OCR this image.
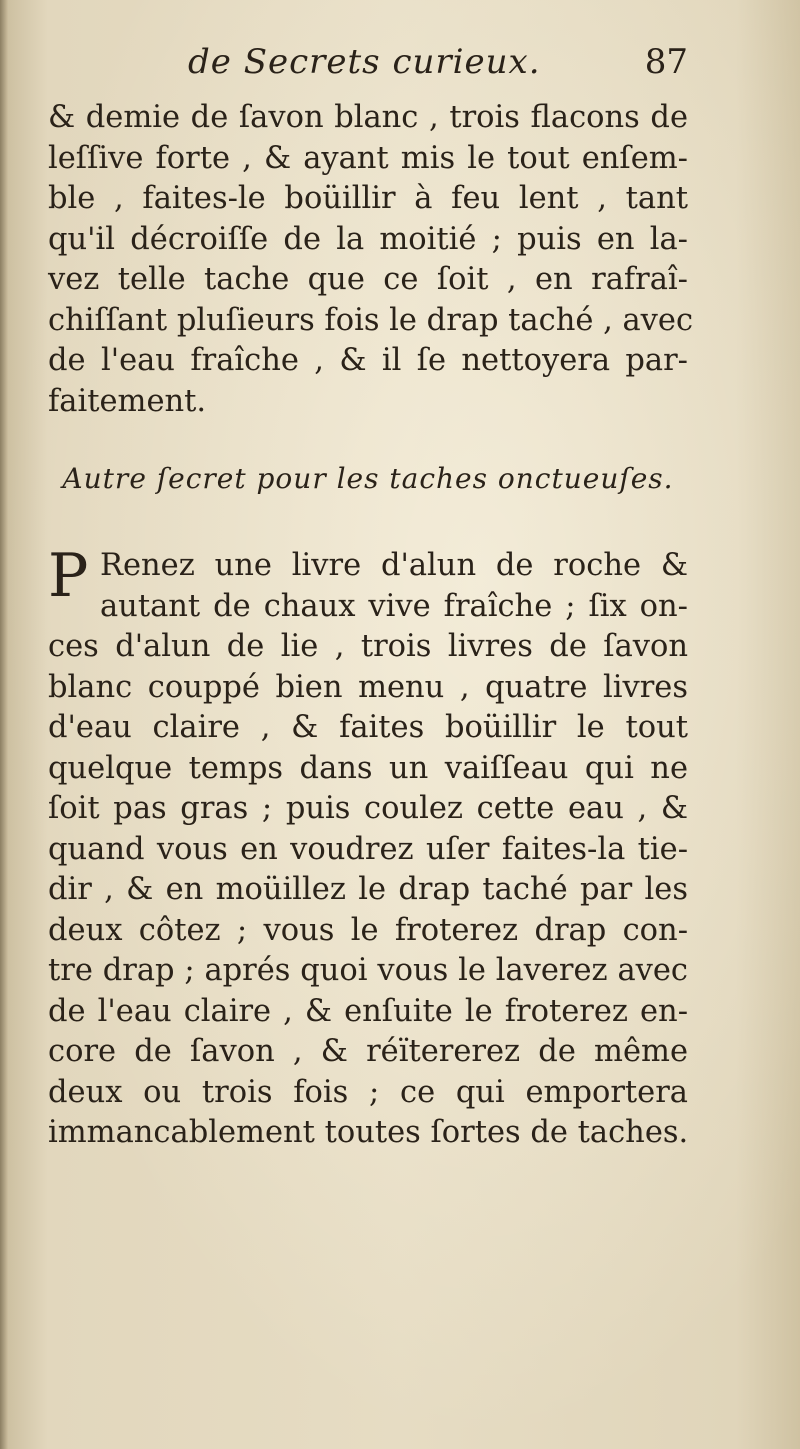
de Secrets curieux.	87
& demie de ſavon blanc , trois flacons de
leſſive forte , & ayant mis le tout enſem-
ble , faites-le boüillir à feu lent , tant
qu'il décroiſſe de la moitié ; puis en la-
vez telle tache que ce ſoit , en rafraî-
chiſſant pluſieurs fois le drap taché , avec
de l'eau fraîche , & il ſe nettoyera par-
faitement.
Autre ſecret pour les taches onctueuſes.
P Renez une livre d'alun de roche &
autant de chaux vive fraîche ; ſix on-
ces d'alun de lie , trois livres de ſavon
blanc couppé bien menu , quatre livres
d'eau claire , & faites boüillir le tout
quelque temps dans un vaiſſeau qui ne
ſoit pas gras ; puis coulez cette eau , &
quand vous en voudrez uſer faites-la tie-
dir , & en moüillez le drap taché par les
deux côtez ; vous le froterez drap con-
tre drap ; aprés quoi vous le laverez avec
de l'eau claire , & enſuite le froterez en-
core de ſavon , & réïtererez de même
deux ou trois fois ; ce qui emportera
immancablement toutes ſortes de taches.
